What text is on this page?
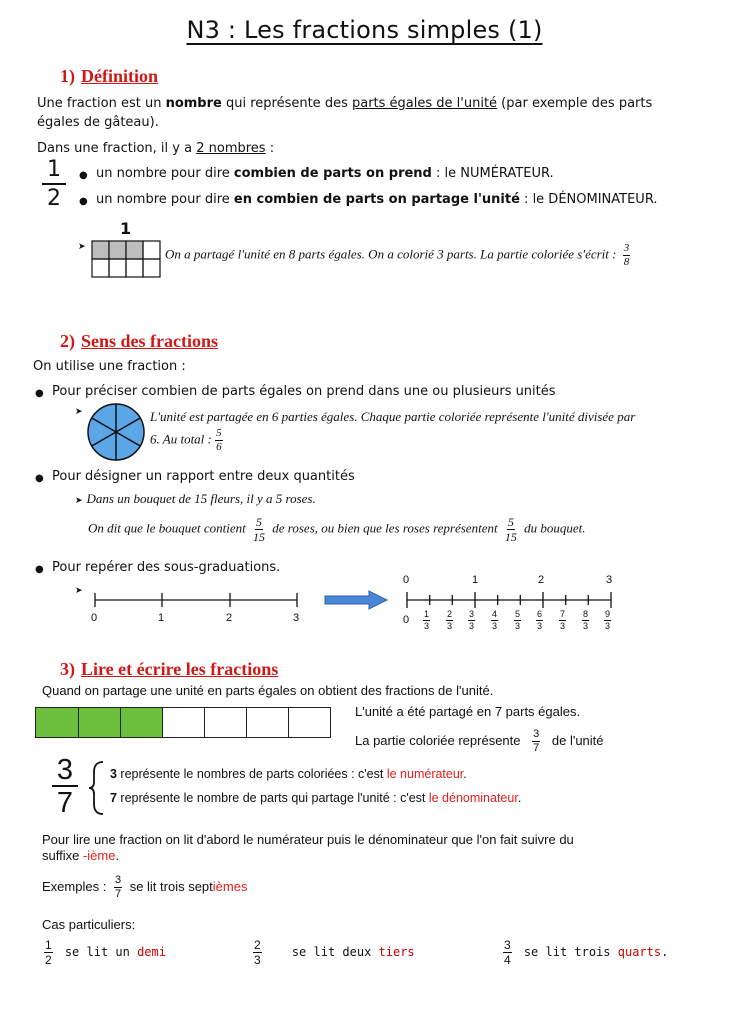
N3 : Les fractions simples (1)
1) Définition
Une fraction est un nombre qui représente des parts égales de l'unité (par exemple des parts
égales de gâteau).
Dans une fraction, il y a 2 nombres :
1
2
un nombre pour dire combien de parts on prend : le NUMÉRATEUR.
un nombre pour dire en combien de parts on partage l'unité : le DÉNOMINATEUR.
➤
1
On a partagé l'unité en 8 parts égales. On a colorié 3 parts. La partie coloriée s'écrit : $\frac{3}{8}$
2) Sens des fractions
On utilise une fraction :
Pour préciser combien de parts égales on prend dans une ou plusieurs unités
➤	L'unité est partagée en 6 parties égales. Chaque partie coloriée représente l'unité divisée par
6. Au total : $\frac{5}{6}$
Pour désigner un rapport entre deux quantités
➤ Dans un bouquet de 15 fleurs, il y a 5 roses.
On dit que le bouquet contient $\frac{5}{15}$ de roses, ou bien que les roses représentent $\frac{5}{15}$ du bouquet.
Pour repérer des sous-graduations.
➤
0	1	2	3
0	1	2	3
$0 \frac{1}{3} \frac{2}{3} \frac{3}{3} \frac{4}{3} \frac{5}{3} \frac{6}{3} \frac{7}{3} \frac{8}{3} \frac{9}{3}$
3) Lire et écrire les fractions
Quand on partage une unité en parts égales on obtient des fractions de l'unité.
L'unité a été partagé en 7 parts égales.
La partie coloriée représente $\frac{3}{7}$ de l'unité
3
7
3 représente le nombres de parts coloriées : c'est le numérateur.
7 représente le nombre de parts qui partage l'unité : c'est le dénominateur.
Pour lire une fraction on lit d'abord le numérateur puis le dénominateur que l'on fait suivre du
suffixe -ième.
Exemples : $\frac{3}{7}$ se lit trois septièmes
Cas particuliers:
$\frac{1}{2}$ se lit un demi	$\frac{2}{3}$	se lit deux tiers	$\frac{3}{4}$ se lit trois quarts.
